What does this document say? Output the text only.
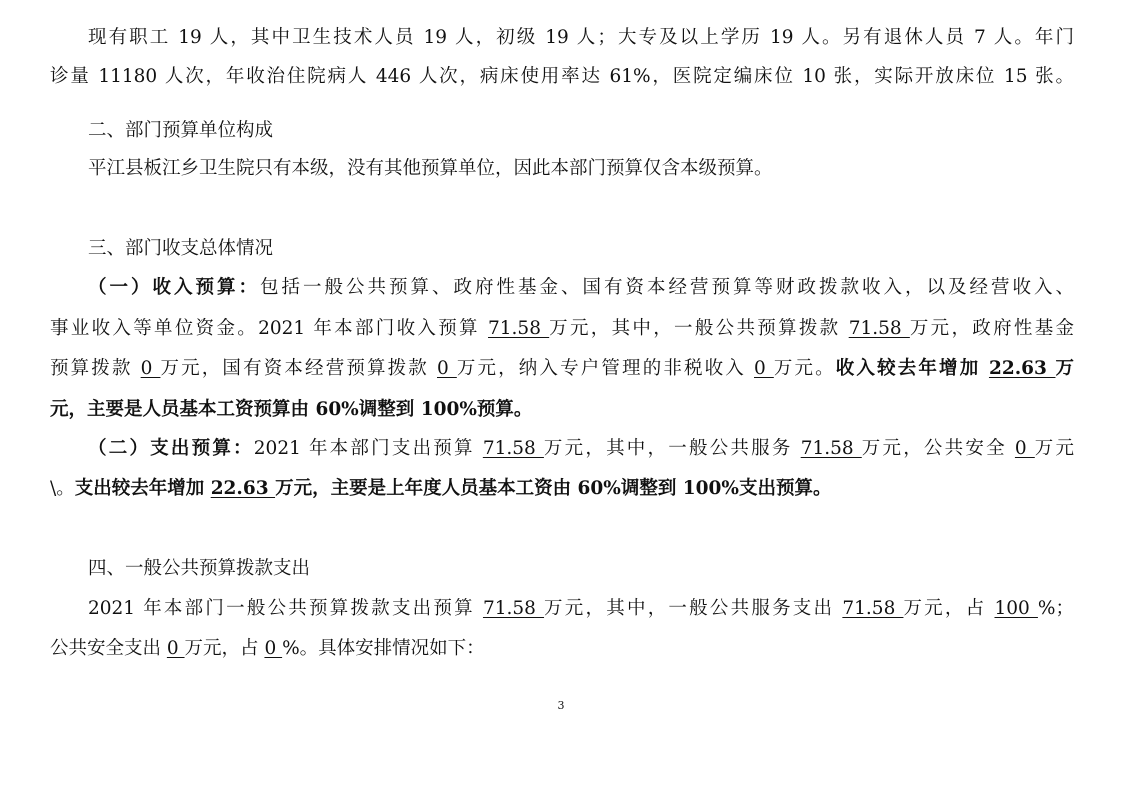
现有职工 19 人，其中卫生技术人员 19 人，初级 19 人；大专及以上学历 19 人。另有退休人员 7 人。年门
诊量 11180 人次，年收治住院病人 446 人次，病床使用率达 61%，医院定编床位 10 张，实际开放床位 15 张。
二、部门预算单位构成
平江县板江乡卫生院只有本级，没有其他预算单位，因此本部门预算仅含本级预算。
三、部门收支总体情况
（一）收入预算：包括一般公共预算、政府性基金、国有资本经营预算等财政拨款收入，以及经营收入、
事业收入等单位资金。2021 年本部门收入预算 71.58 万元，其中，一般公共预算拨款 71.58 万元，政府性基金
预算拨款 0 万元，国有资本经营预算拨款 0 万元，纳入专户管理的非税收入 0 万元。收入较去年增加 22.63 万
元，主要是人员基本工资预算由 60%调整到 100%预算。
（二）支出预算：2021 年本部门支出预算 71.58 万元，其中，一般公共服务 71.58 万元，公共安全 0 万元
\。支出较去年增加 22.63 万元，主要是上年度人员基本工资由 60%调整到 100%支出预算。
四、一般公共预算拨款支出
2021 年本部门一般公共预算拨款支出预算 71.58 万元，其中，一般公共服务支出 71.58 万元，占 100 %；
公共安全支出 0 万元，占 0 %。具体安排情况如下：
3
